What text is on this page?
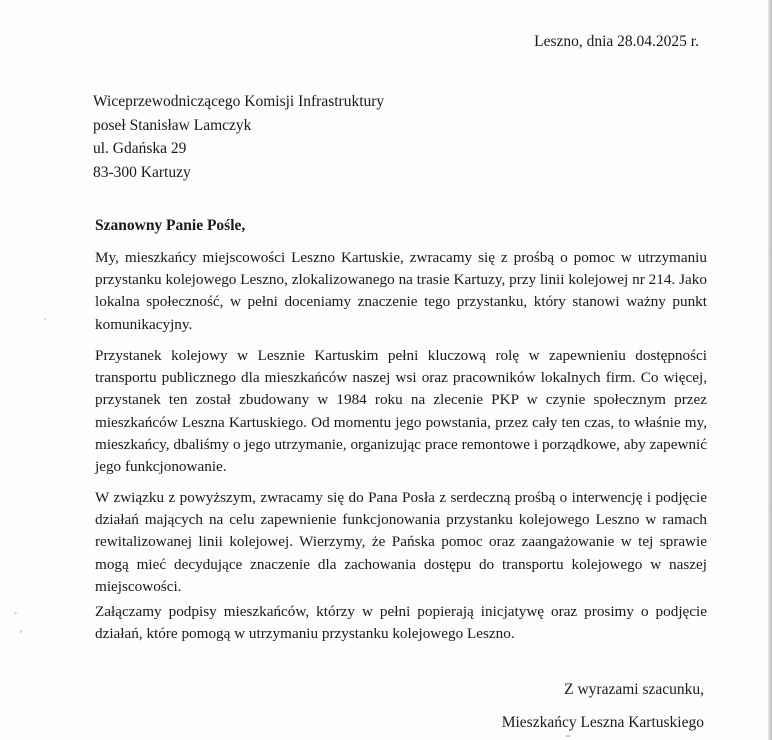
Leszno, dnia 28.04.2025 r.
Wiceprzewodniczącego Komisji Infrastruktury
poseł Stanisław Lamczyk
ul. Gdańska 29
83-300 Kartuzy
Szanowny Panie Pośle,

My, mieszkańcy miejscowości Leszno Kartuskie, zwracamy się z prośbą o pomoc w utrzymaniu przystanku kolejowego Leszno, zlokalizowanego na trasie Kartuzy, przy linii kolejowej nr 214. Jako lokalna społeczność, w pełni doceniamy znaczenie tego przystanku, który stanowi ważny punkt komunikacyjny.

Przystanek kolejowy w Lesznie Kartuskim pełni kluczową rolę w zapewnieniu dostępności transportu publicznego dla mieszkańców naszej wsi oraz pracowników lokalnych firm. Co więcej, przystanek ten został zbudowany w 1984 roku na zlecenie PKP w czynie społecznym przez mieszkańców Leszna Kartuskiego. Od momentu jego powstania, przez cały ten czas, to właśnie my, mieszkańcy, dbaliśmy o jego utrzymanie, organizując prace remontowe i porządkowe, aby zapewnić jego funkcjonowanie.

W związku z powyższym, zwracamy się do Pana Posła z serdeczną prośbą o interwencję i podjęcie działań mających na celu zapewnienie funkcjonowania przystanku kolejowego Leszno w ramach rewitalizowanej linii kolejowej. Wierzymy, że Pańska pomoc oraz zaangażowanie w tej sprawie mogą mieć decydujące znaczenie dla zachowania dostępu do transportu kolejowego w naszej miejscowości.

Załączamy podpisy mieszkańców, którzy w pełni popierają inicjatywę oraz prosimy o podjęcie działań, które pomogą w utrzymaniu przystanku kolejowego Leszno.

Z wyrazami szacunku,
Mieszkańcy Leszna Kartuskiego
